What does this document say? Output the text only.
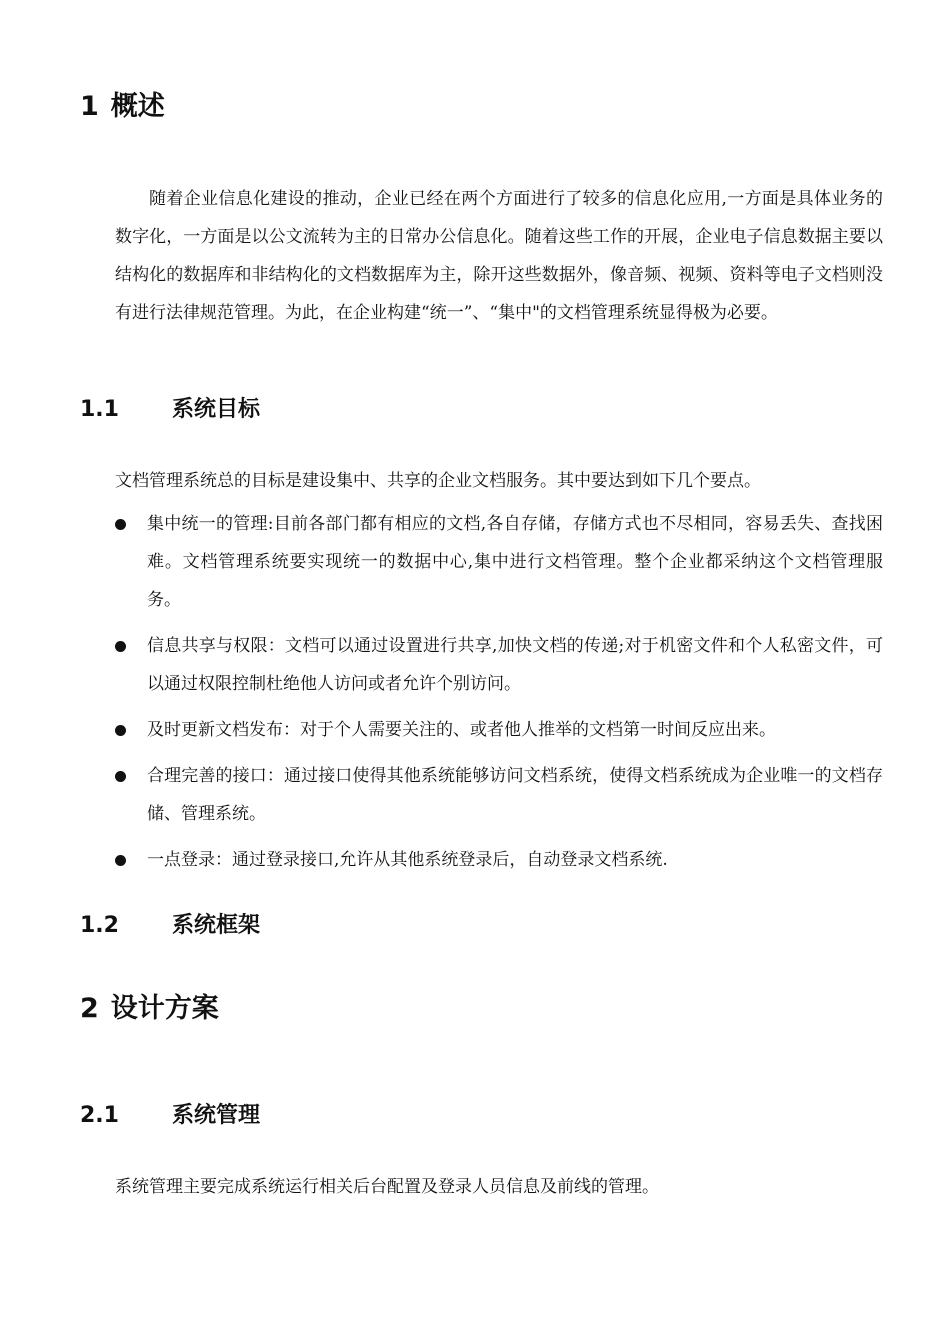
1 概述

随着企业信息化建设的推动，企业已经在两个方面进行了较多的信息化应用,一方面是具体业务的数字化，一方面是以公文流转为主的日常办公信息化。随着这些工作的开展，企业电子信息数据主要以结构化的数据库和非结构化的文档数据库为主，除开这些数据外，像音频、视频、资料等电子文档则没有进行法律规范管理。为此，在企业构建“统一”、“集中"的文档管理系统显得极为必要。

1.1 系统目标

文档管理系统总的目标是建设集中、共享的企业文档服务。其中要达到如下几个要点。

集中统一的管理:目前各部门都有相应的文档,各自存储，存储方式也不尽相同，容易丢失、查找困难。文档管理系统要实现统一的数据中心,集中进行文档管理。整个企业都采纳这个文档管理服务。
信息共享与权限：文档可以通过设置进行共享,加快文档的传递;对于机密文件和个人私密文件，可以通过权限控制杜绝他人访问或者允许个别访问。
及时更新文档发布：对于个人需要关注的、或者他人推举的文档第一时间反应出来。
合理完善的接口：通过接口使得其他系统能够访问文档系统，使得文档系统成为企业唯一的文档存储、管理系统。
一点登录：通过登录接口,允许从其他系统登录后，自动登录文档系统.
1.2 系统框架
2 设计方案
2.1 系统管理

系统管理主要完成系统运行相关后台配置及登录人员信息及前线的管理。
